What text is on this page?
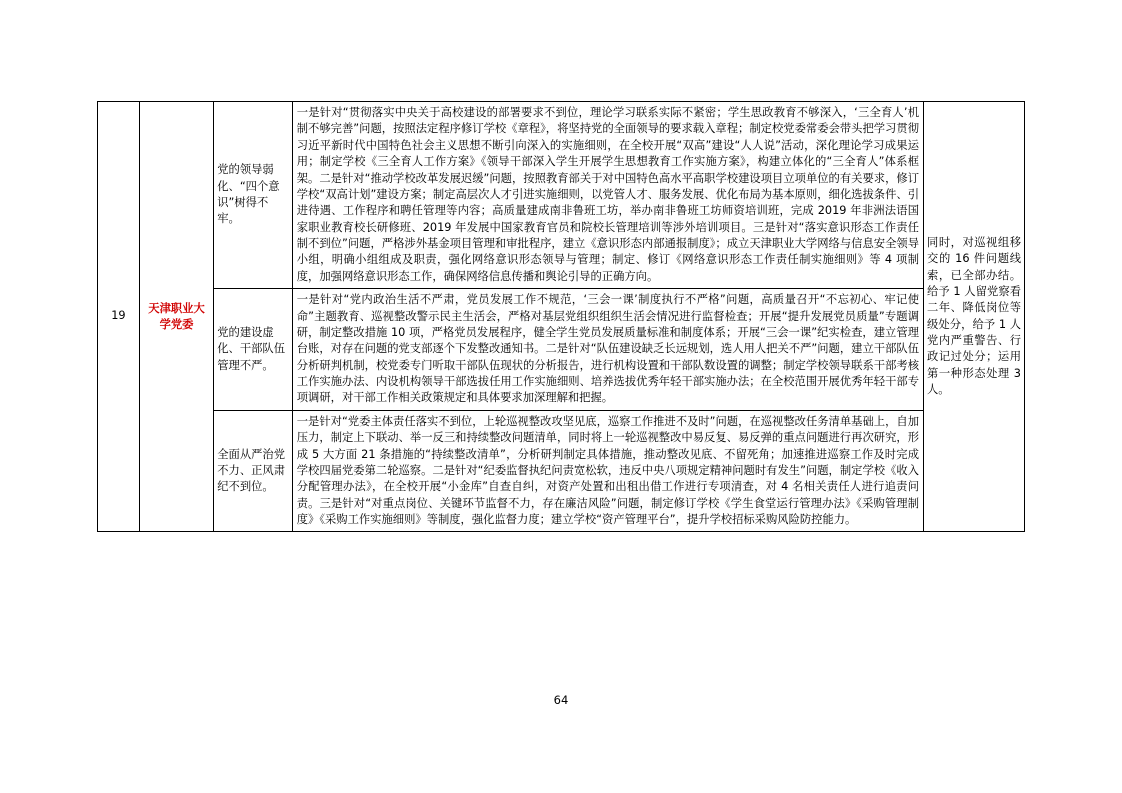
19	天津职业大学党委	党的领导弱化、“四个意识”树得不牢。	一是针对“贯彻落实中央关于高校建设的部署要求不到位，理论学习联系实际不紧密；学生思政教育不够深入，‘三全育人’机制不够完善”问题，按照法定程序修订学校《章程》，将坚持党的全面领导的要求载入章程；制定校党委常委会带头把学习贯彻习近平新时代中国特色社会主义思想不断引向深入的实施细则，在全校开展“双高”建设“人人说”活动，深化理论学习成果运用；制定学校《三全育人工作方案》《领导干部深入学生开展学生思想教育工作实施方案》，构建立体化的“三全育人”体系框架。二是针对“推动学校改革发展迟缓”问题，按照教育部关于对中国特色高水平高职学校建设项目立项单位的有关要求，修订学校“双高计划”建设方案；制定高层次人才引进实施细则，以党管人才、服务发展、优化布局为基本原则，细化选拔条件、引进待遇、工作程序和聘任管理等内容；高质量建成南非鲁班工坊，举办南非鲁班工坊师资培训班，完成 2019 年非洲法语国家职业教育校长研修班、2019 年发展中国家教育官员和院校长管理培训等涉外培训项目。三是针对“落实意识形态工作责任制不到位”问题，严格涉外基金项目管理和审批程序，建立《意识形态内部通报制度》；成立天津职业大学网络与信息安全领导小组，明确小组组成及职责，强化网络意识形态领导与管理；制定、修订《网络意识形态工作责任制实施细则》等 4 项制度，加强网络意识形态工作，确保网络信息传播和舆论引导的正确方向。	同时，对巡视组移交的 16 件问题线索，已全部办结。给予 1 人留党察看二年、降低岗位等级处分，给予 1 人党内严重警告、行政记过处分；运用第一种形态处理 3 人。

		党的建设虚化、干部队伍管理不严。	一是针对“党内政治生活不严肃，党员发展工作不规范，‘三会一课’制度执行不严格”问题，高质量召开“不忘初心、牢记使命”主题教育、巡视整改警示民主生活会，严格对基层党组织组织生活会情况进行监督检查；开展“提升发展党员质量”专题调研，制定整改措施 10 项，严格党员发展程序，健全学生党员发展质量标准和制度体系；开展“三会一课”纪实检查，建立管理台账，对存在问题的党支部逐个下发整改通知书。二是针对“队伍建设缺乏长远规划，选人用人把关不严”问题，建立干部队伍分析研判机制，校党委专门听取干部队伍现状的分析报告，进行机构设置和干部队数设置的调整；制定学校领导联系干部考核工作实施办法、内设机构领导干部选拔任用工作实施细则、培养选拔优秀年轻干部实施办法；在全校范围开展优秀年轻干部专项调研，对干部工作相关政策规定和具体要求加深理解和把握。	

		全面从严治党不力、正风肃纪不到位。	一是针对“党委主体责任落实不到位，上轮巡视整改攻坚见底，巡察工作推进不及时”问题，在巡视整改任务清单基础上，自加压力，制定上下联动、举一反三和持续整改问题清单，同时将上一轮巡视整改中易反复、易反弹的重点问题进行再次研究，形成 5 大方面 21 条措施的“持续整改清单”，分析研判制定具体措施，推动整改见底、不留死角；加速推进巡察工作及时完成学校四届党委第二轮巡察。二是针对“纪委监督执纪问责宽松软，违反中央八项规定精神问题时有发生”问题，制定学校《收入分配管理办法》，在全校开展“小金库”自查自纠，对资产处置和出租出借工作进行专项清查，对 4 名相关责任人进行追责问责。三是针对“对重点岗位、关键环节监督不力，存在廉洁风险”问题，制定修订学校《学生食堂运行管理办法》《采购管理制度》《采购工作实施细则》等制度，强化监督力度；建立学校“资产管理平台”，提升学校招标采购风险防控能力。	
64
